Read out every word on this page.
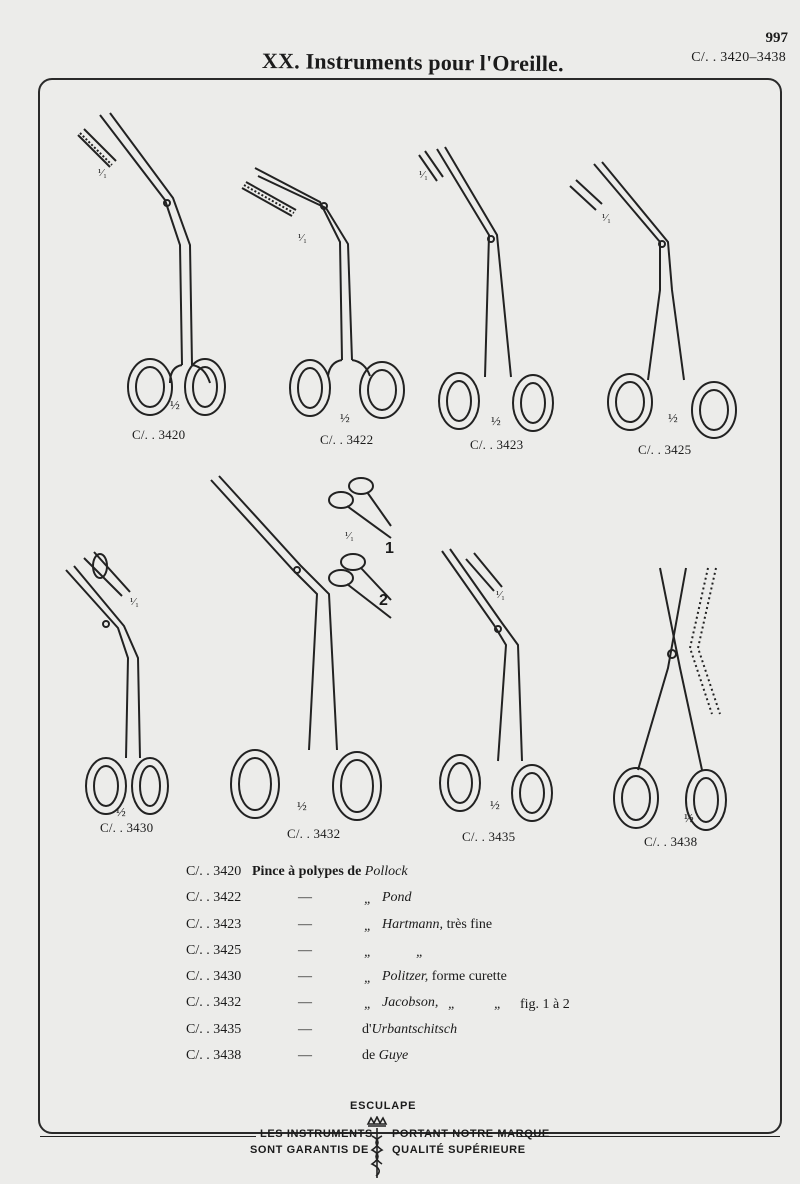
997
C/. . 3420–3438
XX. Instruments pour l'Oreille.
¹⁄₁
½
C/. . 3420
¹⁄₁
½
C/. . 3422
¹⁄₁
½
C/. . 3423
¹⁄₁
½
C/. . 3425
¹⁄₁
½
C/. . 3430
¹⁄₁
1
2
½
C/. . 3432
¹⁄₁
½
C/. . 3435
½
C/. . 3438
C/. . 3420 Pince à polypes de Pollock
C/. . 3422	—	„ Pond
C/. . 3423	—	„ Hartmann, très fine
C/. . 3425	—	„	„
C/. . 3430	—	„ Politzer, forme curette
C/. . 3432	—	„ Jacobson, „	„ fig. 1 à 2
C/. . 3435	—	d'Urbantschitsch
C/. . 3438	—	de Guye
ESCULAPE
LES INSTRUMENTS
SONT GARANTIS DE
PORTANT NOTRE MARQUE
QUALITÉ SUPÉRIEURE
